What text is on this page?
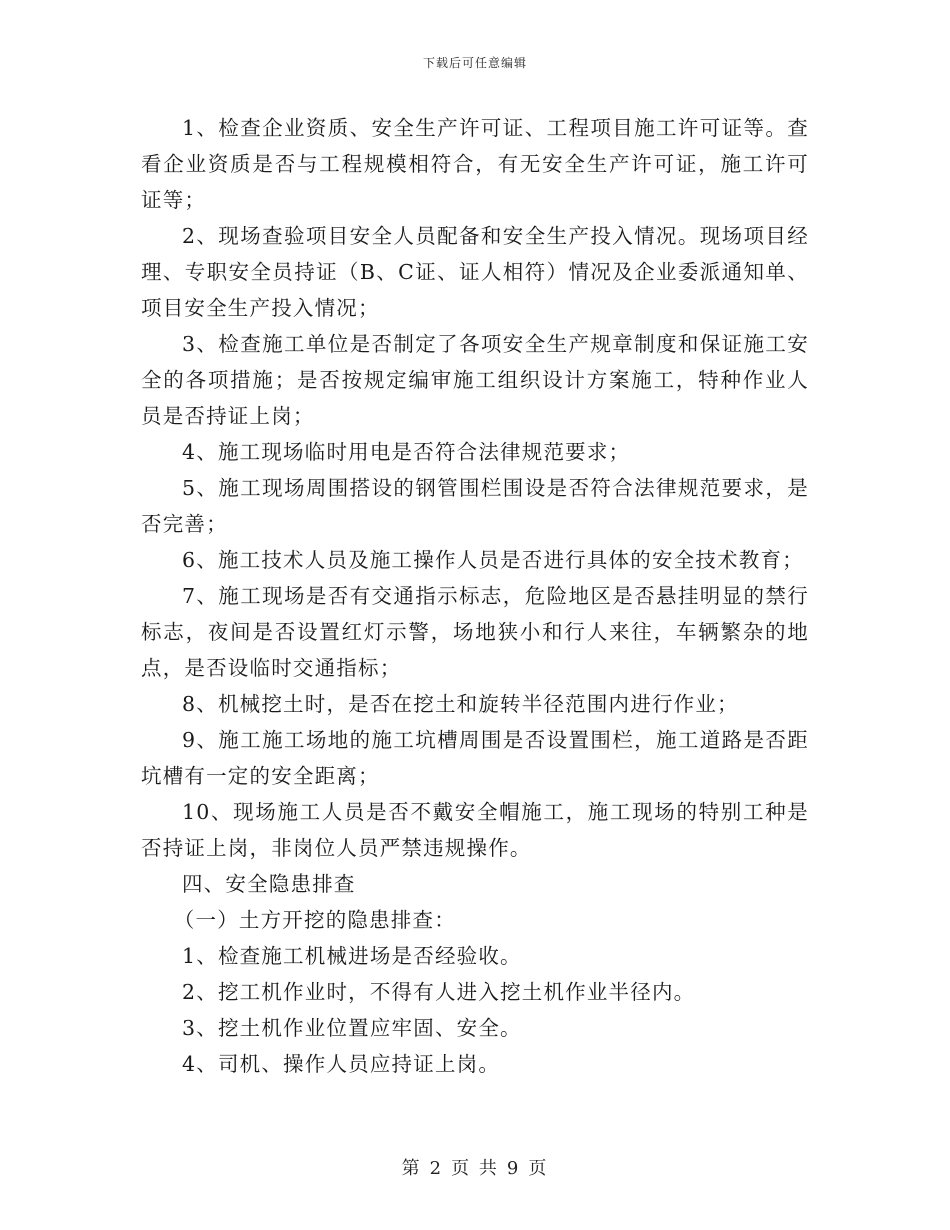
下载后可任意编辑

1、检查企业资质、安全生产许可证、工程项目施工许可证等。查看企业资质是否与工程规模相符合，有无安全生产许可证，施工许可证等；

2、现场查验项目安全人员配备和安全生产投入情况。现场项目经理、专职安全员持证（B、C证、证人相符）情况及企业委派通知单、项目安全生产投入情况；

3、检查施工单位是否制定了各项安全生产规章制度和保证施工安全的各项措施；是否按规定编审施工组织设计方案施工，特种作业人员是否持证上岗；

4、施工现场临时用电是否符合法律规范要求；

5、施工现场周围搭设的钢管围栏围设是否符合法律规范要求，是否完善；

6、施工技术人员及施工操作人员是否进行具体的安全技术教育；

7、施工现场是否有交通指示标志，危险地区是否悬挂明显的禁行标志，夜间是否设置红灯示警，场地狭小和行人来往，车辆繁杂的地点，是否设临时交通指标；

8、机械挖土时，是否在挖土和旋转半径范围内进行作业；

9、施工施工场地的施工坑槽周围是否设置围栏，施工道路是否距坑槽有一定的安全距离；

10、现场施工人员是否不戴安全帽施工，施工现场的特别工种是否持证上岗，非岗位人员严禁违规操作。

四、安全隐患排查

（一）土方开挖的隐患排查：

1、检查施工机械进场是否经验收。

2、挖工机作业时，不得有人进入挖土机作业半径内。

3、挖土机作业位置应牢固、安全。

4、司机、操作人员应持证上岗。

第 2 页 共 9 页
